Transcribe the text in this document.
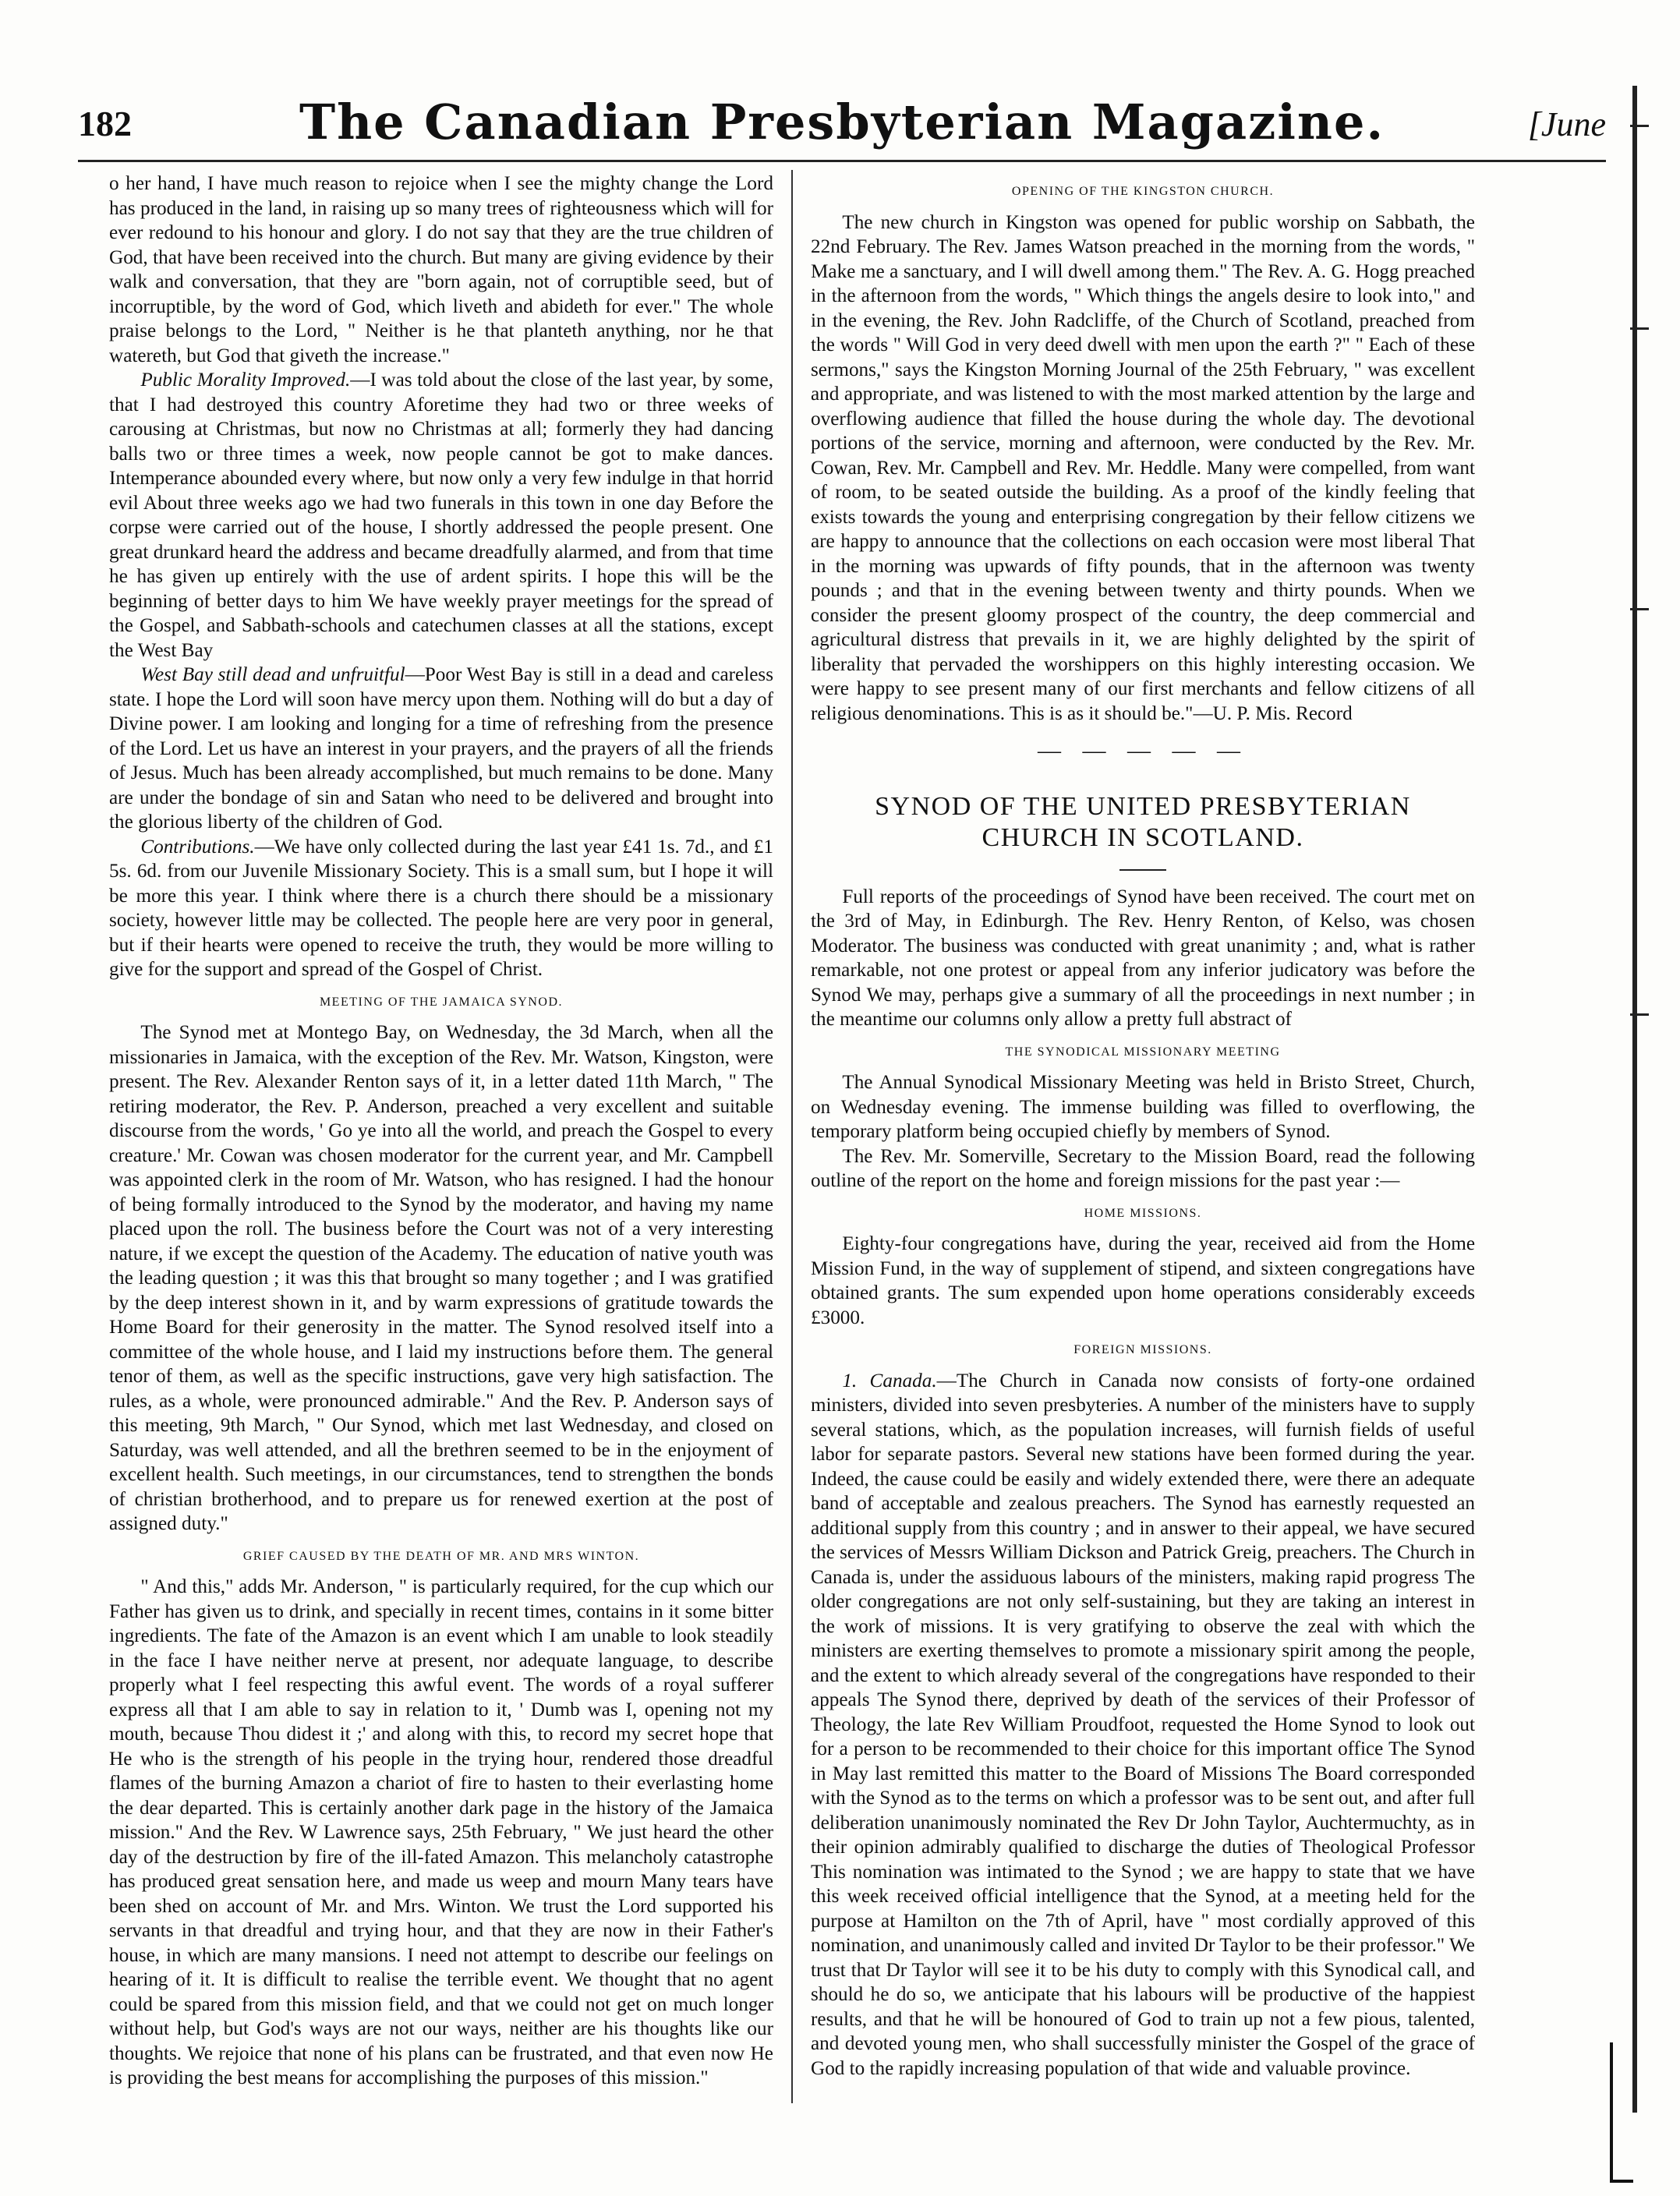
182	The Canadian Presbyterian Magazine.	[June

o her hand, I have much reason to rejoice when I see the mighty change the Lord has produced in the land, in raising up so many trees of righteousness which will for ever redound to his honour and glory. I do not say that they are the true children of God, that have been received into the church. But many are giving evidence by their walk and conversation, that they are "born again, not of corruptible seed, but of incorruptible, by the word of God, which liveth and abideth for ever." The whole praise belongs to the Lord, " Neither is he that planteth anything, nor he that watereth, but God that giveth the increase."

Public Morality Improved.—I was told about the close of the last year, by some, that I had destroyed this country Aforetime they had two or three weeks of carousing at Christmas, but now no Christmas at all; formerly they had dancing balls two or three times a week, now people cannot be got to make dances. Intemperance abounded every where, but now only a very few indulge in that horrid evil About three weeks ago we had two funerals in this town in one day Before the corpse were carried out of the house, I shortly addressed the people present. One great drunkard heard the address and became dreadfully alarmed, and from that time he has given up entirely with the use of ardent spirits. I hope this will be the beginning of better days to him We have weekly prayer meetings for the spread of the Gospel, and Sabbath-schools and catechumen classes at all the stations, except the West Bay

West Bay still dead and unfruitful—Poor West Bay is still in a dead and careless state. I hope the Lord will soon have mercy upon them. Nothing will do but a day of Divine power. I am looking and longing for a time of refreshing from the presence of the Lord. Let us have an interest in your prayers, and the prayers of all the friends of Jesus. Much has been already accomplished, but much remains to be done. Many are under the bondage of sin and Satan who need to be delivered and brought into the glorious liberty of the children of God.

Contributions.—We have only collected during the last year £41 1s. 7d., and £1 5s. 6d. from our Juvenile Missionary Society. This is a small sum, but I hope it will be more this year. I think where there is a church there should be a missionary society, however little may be collected. The people here are very poor in general, but if their hearts were opened to receive the truth, they would be more willing to give for the support and spread of the Gospel of Christ.

MEETING OF THE JAMAICA SYNOD.

The Synod met at Montego Bay, on Wednesday, the 3d March, when all the missionaries in Jamaica, with the exception of the Rev. Mr. Watson, Kingston, were present. The Rev. Alexander Renton says of it, in a letter dated 11th March, " The retiring moderator, the Rev. P. Anderson, preached a very excellent and suitable discourse from the words, ' Go ye into all the world, and preach the Gospel to every creature.' Mr. Cowan was chosen moderator for the current year, and Mr. Campbell was appointed clerk in the room of Mr. Watson, who has resigned. I had the honour of being formally introduced to the Synod by the moderator, and having my name placed upon the roll. The business before the Court was not of a very interesting nature, if we except the question of the Academy. The education of native youth was the leading question ; it was this that brought so many together ; and I was gratified by the deep interest shown in it, and by warm expressions of gratitude towards the Home Board for their generosity in the matter. The Synod resolved itself into a committee of the whole house, and I laid my instructions before them. The general tenor of them, as well as the specific instructions, gave very high satisfaction. The rules, as a whole, were pronounced admirable." And the Rev. P. Anderson says of this meeting, 9th March, " Our Synod, which met last Wednesday, and closed on Saturday, was well attended, and all the brethren seemed to be in the enjoyment of excellent health. Such meetings, in our circumstances, tend to strengthen the bonds of christian brotherhood, and to prepare us for renewed exertion at the post of assigned duty."

GRIEF CAUSED BY THE DEATH OF MR. AND MRS WINTON.

" And this," adds Mr. Anderson, " is particularly required, for the cup which our Father has given us to drink, and specially in recent times, contains in it some bitter ingredients. The fate of the Amazon is an event which I am unable to look steadily in the face I have neither nerve at present, nor adequate language, to describe properly what I feel respecting this awful event. The words of a royal sufferer express all that I am able to say in relation to it, ' Dumb was I, opening not my mouth, because Thou didest it ;' and along with this, to record my secret hope that He who is the strength of his people in the trying hour, rendered those dreadful flames of the burning Amazon a chariot of fire to hasten to their everlasting home the dear departed. This is certainly another dark page in the history of the Jamaica mission." And the Rev. W Lawrence says, 25th February, " We just heard the other day of the destruction by fire of the ill-fated Amazon. This melancholy catastrophe has produced great sensation here, and made us weep and mourn Many tears have been shed on account of Mr. and Mrs. Winton. We trust the Lord supported his servants in that dreadful and trying hour, and that they are now in their Father's house, in which are many mansions. I need not attempt to describe our feelings on hearing of it. It is difficult to realise the terrible event. We thought that no agent could be spared from this mission field, and that we could not get on much longer without help, but God's ways are not our ways, neither are his thoughts like our thoughts. We rejoice that none of his plans can be frustrated, and that even now He is providing the best means for accomplishing the purposes of this mission."

OPENING OF THE KINGSTON CHURCH.

The new church in Kingston was opened for public worship on Sabbath, the 22nd February. The Rev. James Watson preached in the morning from the words, " Make me a sanctuary, and I will dwell among them." The Rev. A. G. Hogg preached in the afternoon from the words, " Which things the angels desire to look into," and in the evening, the Rev. John Radcliffe, of the Church of Scotland, preached from the words " Will God in very deed dwell with men upon the earth ?" " Each of these sermons," says the Kingston Morning Journal of the 25th February, " was excellent and appropriate, and was listened to with the most marked attention by the large and overflowing audience that filled the house during the whole day. The devotional portions of the service, morning and afternoon, were conducted by the Rev. Mr. Cowan, Rev. Mr. Campbell and Rev. Mr. Heddle. Many were compelled, from want of room, to be seated outside the building. As a proof of the kindly feeling that exists towards the young and enterprising congregation by their fellow citizens we are happy to announce that the collections on each occasion were most liberal That in the morning was upwards of fifty pounds, that in the afternoon was twenty pounds ; and that in the evening between twenty and thirty pounds. When we consider the present gloomy prospect of the country, the deep commercial and agricultural distress that prevails in it, we are highly delighted by the spirit of liberality that pervaded the worshippers on this highly interesting occasion. We were happy to see present many of our first merchants and fellow citizens of all religious denominations. This is as it should be."—U. P. Mis. Record

— — — — —
SYNOD OF THE UNITED PRESBYTERIAN CHURCH IN SCOTLAND.

Full reports of the proceedings of Synod have been received. The court met on the 3rd of May, in Edinburgh. The Rev. Henry Renton, of Kelso, was chosen Moderator. The business was conducted with great unanimity ; and, what is rather remarkable, not one protest or appeal from any inferior judicatory was before the Synod We may, perhaps give a summary of all the proceedings in next number ; in the meantime our columns only allow a pretty full abstract of

THE SYNODICAL MISSIONARY MEETING

The Annual Synodical Missionary Meeting was held in Bristo Street, Church, on Wednesday evening. The immense building was filled to overflowing, the temporary platform being occupied chiefly by members of Synod.

The Rev. Mr. Somerville, Secretary to the Mission Board, read the following outline of the report on the home and foreign missions for the past year :—

HOME MISSIONS.

Eighty-four congregations have, during the year, received aid from the Home Mission Fund, in the way of supplement of stipend, and sixteen congregations have obtained grants. The sum expended upon home operations considerably exceeds £3000.

FOREIGN MISSIONS.

1. Canada.—The Church in Canada now consists of forty-one ordained ministers, divided into seven presbyteries. A number of the ministers have to supply several stations, which, as the population increases, will furnish fields of useful labor for separate pastors. Several new stations have been formed during the year. Indeed, the cause could be easily and widely extended there, were there an adequate band of acceptable and zealous preachers. The Synod has earnestly requested an additional supply from this country ; and in answer to their appeal, we have secured the services of Messrs William Dickson and Patrick Greig, preachers. The Church in Canada is, under the assiduous labours of the ministers, making rapid progress The older congregations are not only self-sustaining, but they are taking an interest in the work of missions. It is very gratifying to observe the zeal with which the ministers are exerting themselves to promote a missionary spirit among the people, and the extent to which already several of the congregations have responded to their appeals The Synod there, deprived by death of the services of their Professor of Theology, the late Rev William Proudfoot, requested the Home Synod to look out for a person to be recommended to their choice for this important office The Synod in May last remitted this matter to the Board of Missions The Board corresponded with the Synod as to the terms on which a professor was to be sent out, and after full deliberation unanimously nominated the Rev Dr John Taylor, Auchtermuchty, as in their opinion admirably qualified to discharge the duties of Theological Professor This nomination was intimated to the Synod ; we are happy to state that we have this week received official intelligence that the Synod, at a meeting held for the purpose at Hamilton on the 7th of April, have " most cordially approved of this nomination, and unanimously called and invited Dr Taylor to be their professor." We trust that Dr Taylor will see it to be his duty to comply with this Synodical call, and should he do so, we anticipate that his labours will be productive of the happiest results, and that he will be honoured of God to train up not a few pious, talented, and devoted young men, who shall successfully minister the Gospel of the grace of God to the rapidly increasing population of that wide and valuable province.
